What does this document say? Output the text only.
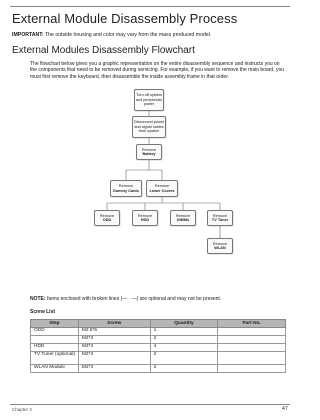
External Module Disassembly Process
IMPORTANT: The outside housing and color may vary from the mass produced model.
External Modules Disassembly Flowchart
The flowchart below gives you a graphic representation on the entire disassembly sequence and instructs you on the components that need to be removed during servicing. For example, if you want to remove the main board, you must first remove the keyboard, then disassemble the inside assembly frame in that order.
Turn off system
and peripherals
power
Disconnect power
and signal cables
from system
Remove
Battery
Remove
Dummy Cards
Remove
Lower Covers
Remove
ODD
Remove
HDD
Remove
DIMMs
Remove
TV Tuner
Remove
WLAN
NOTE: Items enclosed with broken lines (— · —) are optional and may not be present.
Screw List
Step	Screw	Quantity	Part No.
ODD	M2.5*5	1	
	M2*3	2	
HDD	M3*3	4	
TV Tuner (optional)	M2*3	2	
WLAN Module	M2*3	2	
Chapter 3	47
